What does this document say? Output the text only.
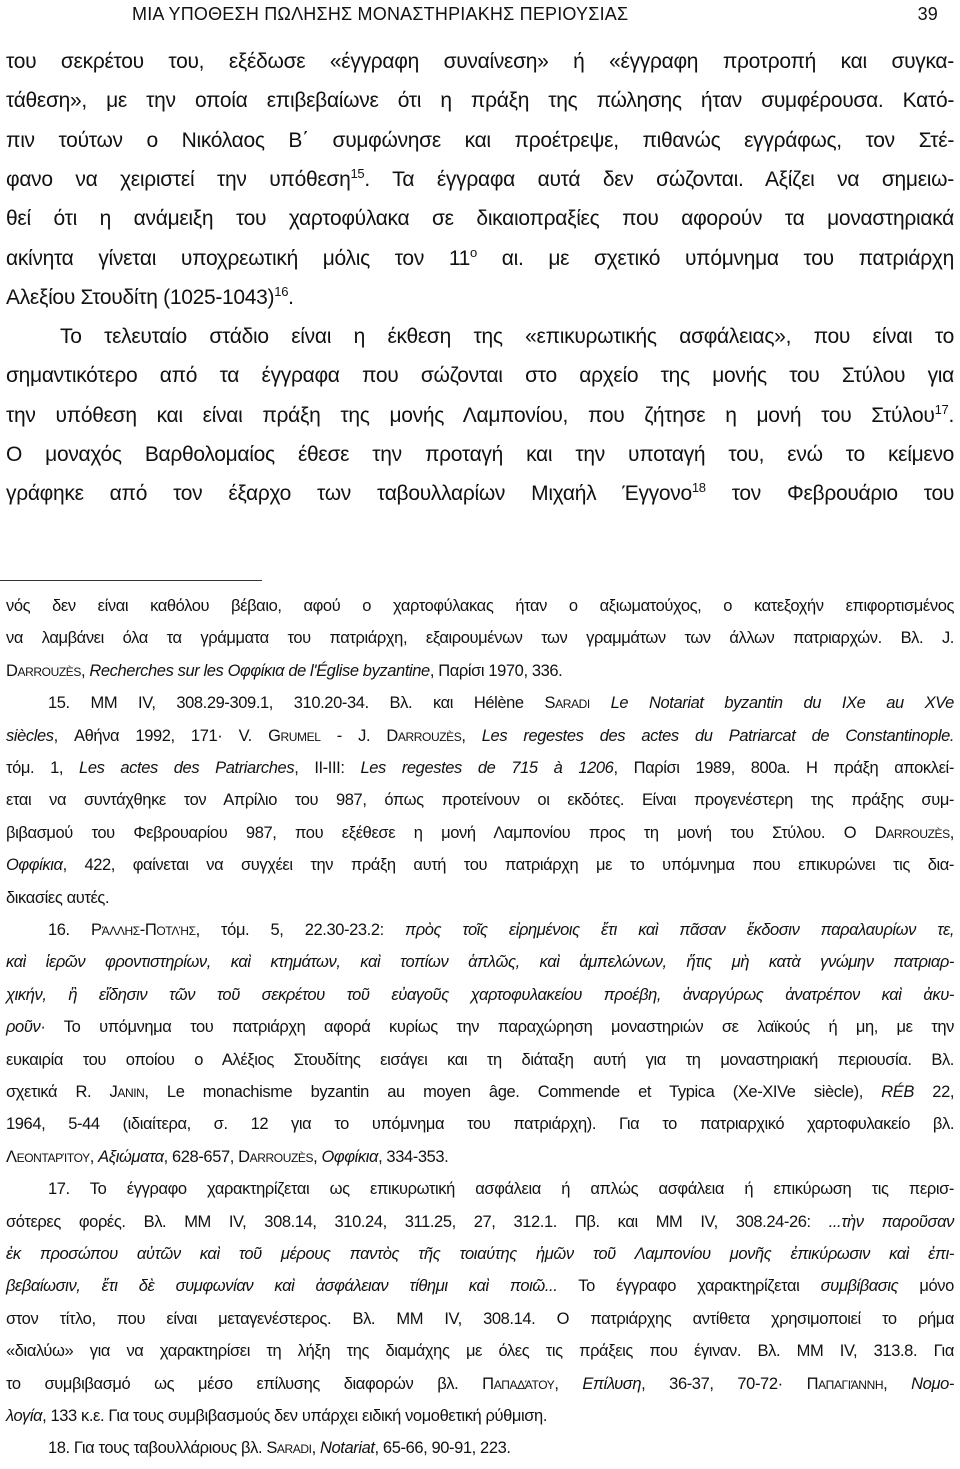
ΜΙΑ ΥΠΟΘΕΣΗ ΠΩΛΗΣΗΣ ΜΟΝΑΣΤΗΡΙΑΚΗΣ ΠΕΡΙΟΥΣΙΑΣ	39
του σεκρέτου του, εξέδωσε «έγγραφη συναίνεση» ή «έγγραφη προτροπή και συγκα-
τάθεση», με την οποία επιβεβαίωνε ότι η πράξη της πώλησης ήταν συμφέρουσα. Κατό-
πιν τούτων ο Νικόλαος Β΄ συμφώνησε και προέτρεψε, πιθανώς εγγράφως, τον Στέ-
φανο να χειριστεί την υπόθεση$^{15}$. Τα έγγραφα αυτά δεν σώζονται. Αξίζει να σημειω-
θεί ότι η ανάμειξη του χαρτοφύλακα σε δικαιοπραξίες που αφορούν τα μοναστηριακά
ακίνητα γίνεται υποχρεωτική μόλις τον $11^o$ αι. με σχετικό υπόμνημα του πατριάρχη
Αλεξίου Στουδίτη (1025-1043)$^{16}$.
Το τελευταίο στάδιο είναι η έκθεση της «επικυρωτικής ασφάλειας», που είναι το
σημαντικότερο από τα έγγραφα που σώζονται στο αρχείο της μονής του Στύλου για
την υπόθεση και είναι πράξη της μονής Λαμπονίου, που ζήτησε η μονή του Στύλου$^{17}$.
Ο μοναχός Βαρθολομαίος έθεσε την προταγή και την υποταγή του, ενώ το κείμενο
γράφηκε από τον έξαρχο των ταβουλλαρίων Μιχαήλ Έγγονο$^{18}$ τον Φεβρουάριο του
νός δεν είναι καθόλου βέβαιο, αφού ο χαρτοφύλακας ήταν ο αξιωματούχος, ο κατεξοχήν επιφορτισμένος
να λαμβάνει όλα τα γράμματα του πατριάρχη, εξαιρουμένων των γραμμάτων των άλλων πατριαρχών. Βλ. J.
Darrouzès, Recherches sur les Οφφίκια de l'Église byzantine, Παρίσι 1970, 336.
15. MM IV, 308.29-309.1, 310.20-34. Βλ. και Hélène Saradi Le Notariat byzantin du IXe au XVe
siècles, Αθήνα 1992, 171· V. Grumel - J. Darrouzès, Les regestes des actes du Patriarcat de Constantinople.
τόμ. 1, Les actes des Patriarches, II-III: Les regestes de 715 à 1206, Παρίσι 1989, 800a. Η πράξη αποκλεί-
εται να συντάχθηκε τον Απρίλιο του 987, όπως προτείνουν οι εκδότες. Είναι προγενέστερη της πράξης συμ-
βιβασμού του Φεβρουαρίου 987, που εξέθεσε η μονή Λαμπονίου προς τη μονή του Στύλου. Ο Darrouzès,
Οφφίκια, 422, φαίνεται να συγχέει την πράξη αυτή του πατριάρχη με το υπόμνημα που επικυρώνει τις δια-
δικασίες αυτές.
16. Ράλλης-Ποτλής, τόμ. 5, 22.30-23.2: πρὸς τοῖς εἰρημένοις ἔτι καὶ πᾶσαν ἔκδοσιν παραλαυρίων τε,
καὶ ἱερῶν φροντιστηρίων, καὶ κτημάτων, καὶ τοπίων ἁπλῶς, καὶ ἀμπελώνων, ἥτις μὴ κατὰ γνώμην πατριαρ-
χικήν, ἢ εἴδησιν τῶν τοῦ σεκρέτου τοῦ εὐαγοῦς χαρτοφυλακείου προέβη, ἀναργύρως ἀνατρέπον καὶ ἀκυ-
ροῦν· Το υπόμνημα του πατριάρχη αφορά κυρίως την παραχώρηση μοναστηριών σε λαϊκούς ή μη, με την
ευκαιρία του οποίου ο Αλέξιος Στουδίτης εισάγει και τη διάταξη αυτή για τη μοναστηριακή περιουσία. Βλ.
σχετικά R. Janin, Le monachisme byzantin au moyen âge. Commende et Typica (Xe-XIVe siècle), RÉB 22,
1964, 5-44 (ιδιαίτερα, σ. 12 για το υπόμνημα του πατριάρχη). Για το πατριαρχικό χαρτοφυλακείο βλ.
Λεονταρίτου, Αξιώματα, 628-657, Darrouzès, Οφφίκια, 334-353.
17. Το έγγραφο χαρακτηρίζεται ως επικυρωτική ασφάλεια ή απλώς ασφάλεια ή επικύρωση τις περισ-
σότερες φορές. Βλ. MM IV, 308.14, 310.24, 311.25, 27, 312.1. Πβ. και MM IV, 308.24-26: ...τὴν παροῦσαν
ἐκ προσώπου αὐτῶν καὶ τοῦ μέρους παντὸς τῆς τοιαύτης ἡμῶν τοῦ Λαμπονίου μονῆς ἐπικύρωσιν καὶ ἐπι-
βεβαίωσιν, ἔτι δὲ συμφωνίαν καὶ ἀσφάλειαν τίθημι καὶ ποιῶ... Το έγγραφο χαρακτηρίζεται συμβίβασις μόνο
στον τίτλο, που είναι μεταγενέστερος. Βλ. MM IV, 308.14. Ο πατριάρχης αντίθετα χρησιμοποιεί το ρήμα
«διαλύω» για να χαρακτηρίσει τη λήξη της διαμάχης με όλες τις πράξεις που έγιναν. Βλ. MM IV, 313.8. Για
το συμβιβασμό ως μέσο επίλυσης διαφορών βλ. Παπαδάτου, Επίλυση, 36-37, 70-72· Παπαγιάννη, Νομο-
λογία, 133 κ.ε. Για τους συμβιβασμούς δεν υπάρχει ειδική νομοθετική ρύθμιση.
18. Για τους ταβουλλάριους βλ. Saradi, Notariat, 65-66, 90-91, 223.
